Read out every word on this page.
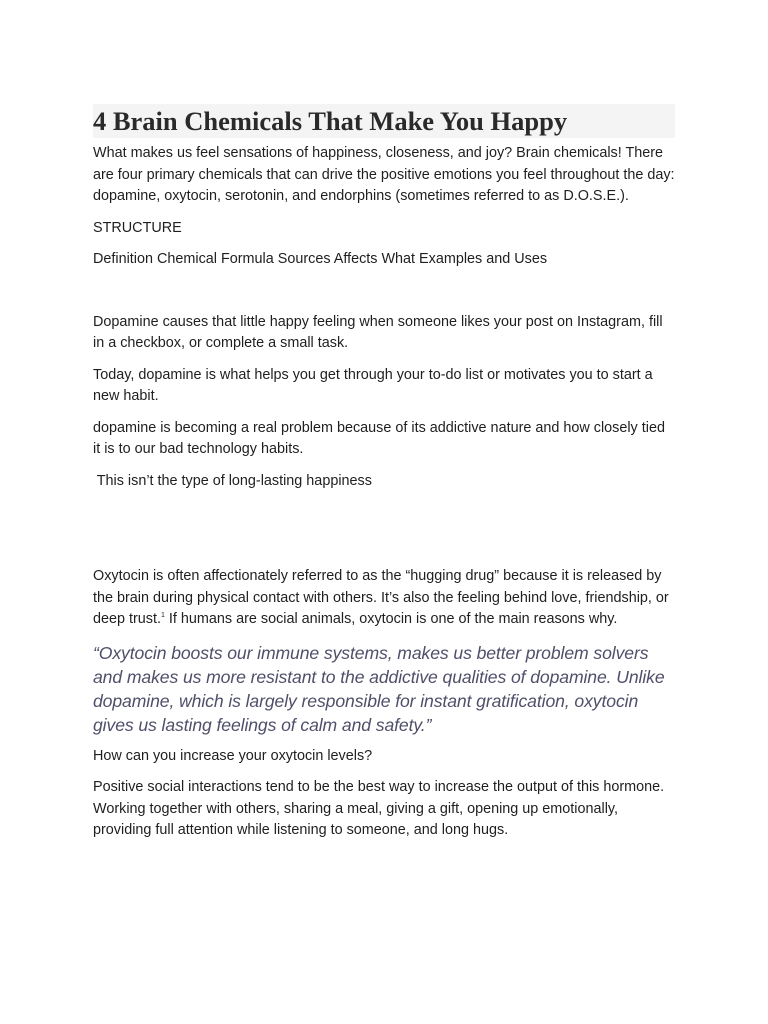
4 Brain Chemicals That Make You Happy

What makes us feel sensations of happiness, closeness, and joy? Brain chemicals! There are four primary chemicals that can drive the positive emotions you feel throughout the day: dopamine, oxytocin, serotonin, and endorphins (sometimes referred to as D.O.S.E.).

STRUCTURE

Definition Chemical Formula Sources Affects What Examples and Uses

Dopamine causes that little happy feeling when someone likes your post on Instagram, fill in a checkbox, or complete a small task.

Today, dopamine is what helps you get through your to-do list or motivates you to start a new habit.

dopamine is becoming a real problem because of its addictive nature and how closely tied it is to our bad technology habits.

This isn’t the type of long-lasting happiness

Oxytocin is often affectionately referred to as the “hugging drug” because it is released by the brain during physical contact with others. It’s also the feeling behind love, friendship, or deep trust.$^1$ If humans are social animals, oxytocin is one of the main reasons why.

“Oxytocin boosts our immune systems, makes us better problem solvers and makes us more resistant to the addictive qualities of dopamine. Unlike dopamine, which is largely responsible for instant gratification, oxytocin gives us lasting feelings of calm and safety.”

How can you increase your oxytocin levels?

Positive social interactions tend to be the best way to increase the output of this hormone. Working together with others, sharing a meal, giving a gift, opening up emotionally, providing full attention while listening to someone, and long hugs.
